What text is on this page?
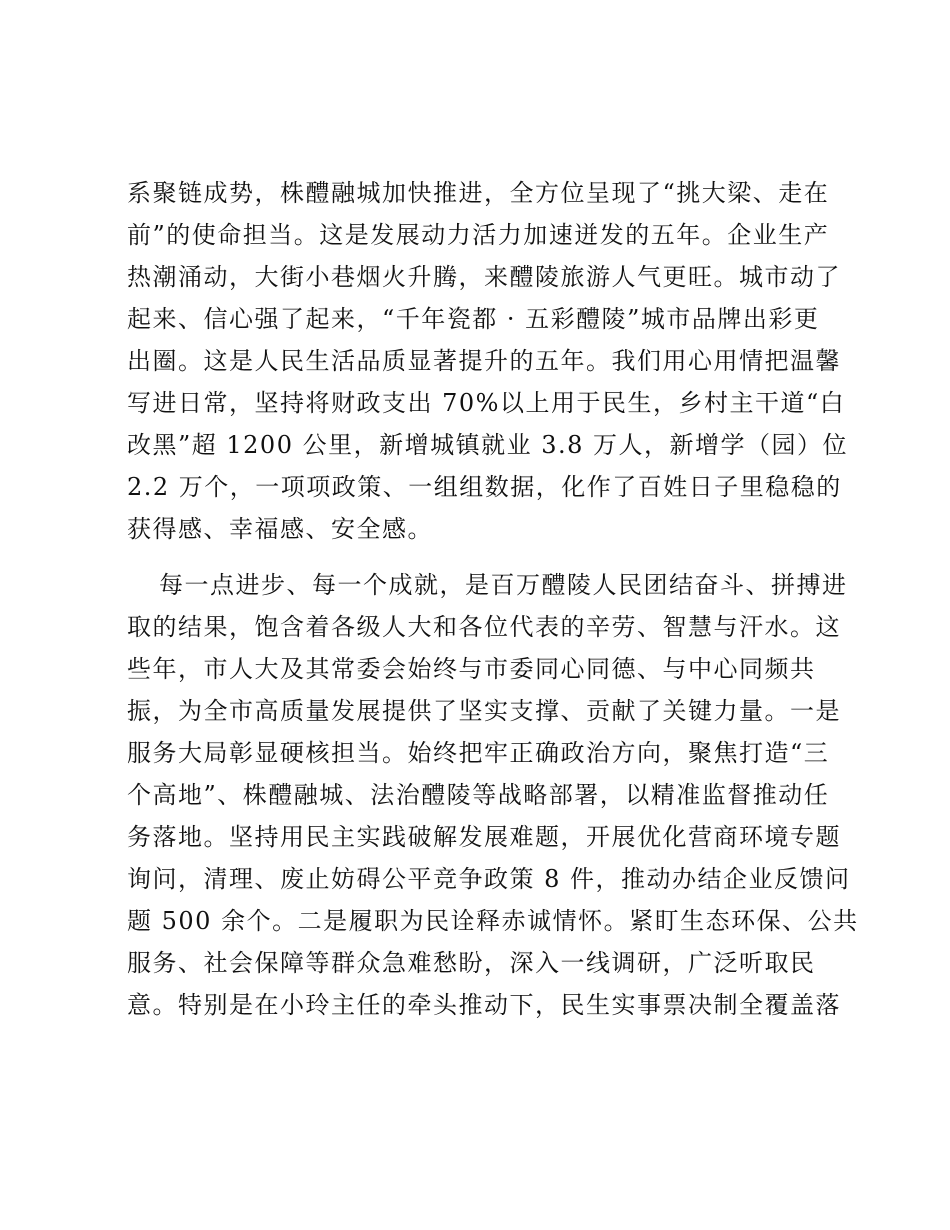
系聚链成势，株醴融城加快推进，全方位呈现了“挑大梁、走在
前”的使命担当。这是发展动力活力加速迸发的五年。企业生产
热潮涌动，大街小巷烟火升腾，来醴陵旅游人气更旺。城市动了
起来、信心强了起来，“千年瓷都 · 五彩醴陵”城市品牌出彩更
出圈。这是人民生活品质显著提升的五年。我们用心用情把温馨
写进日常，坚持将财政支出 70%以上用于民生，乡村主干道“白
改黑”超 1200 公里，新增城镇就业 3.8 万人，新增学（园）位
2.2 万个，一项项政策、一组组数据，化作了百姓日子里稳稳的
获得感、幸福感、安全感。
每一点进步、每一个成就，是百万醴陵人民团结奋斗、拼搏进
取的结果，饱含着各级人大和各位代表的辛劳、智慧与汗水。这
些年，市人大及其常委会始终与市委同心同德、与中心同频共
振，为全市高质量发展提供了坚实支撑、贡献了关键力量。一是
服务大局彰显硬核担当。始终把牢正确政治方向，聚焦打造“三
个高地”、株醴融城、法治醴陵等战略部署，以精准监督推动任
务落地。坚持用民主实践破解发展难题，开展优化营商环境专题
询问，清理、废止妨碍公平竞争政策 8 件，推动办结企业反馈问
题 500 余个。二是履职为民诠释赤诚情怀。紧盯生态环保、公共
服务、社会保障等群众急难愁盼，深入一线调研，广泛听取民
意。特别是在小玲主任的牵头推动下，民生实事票决制全覆盖落
